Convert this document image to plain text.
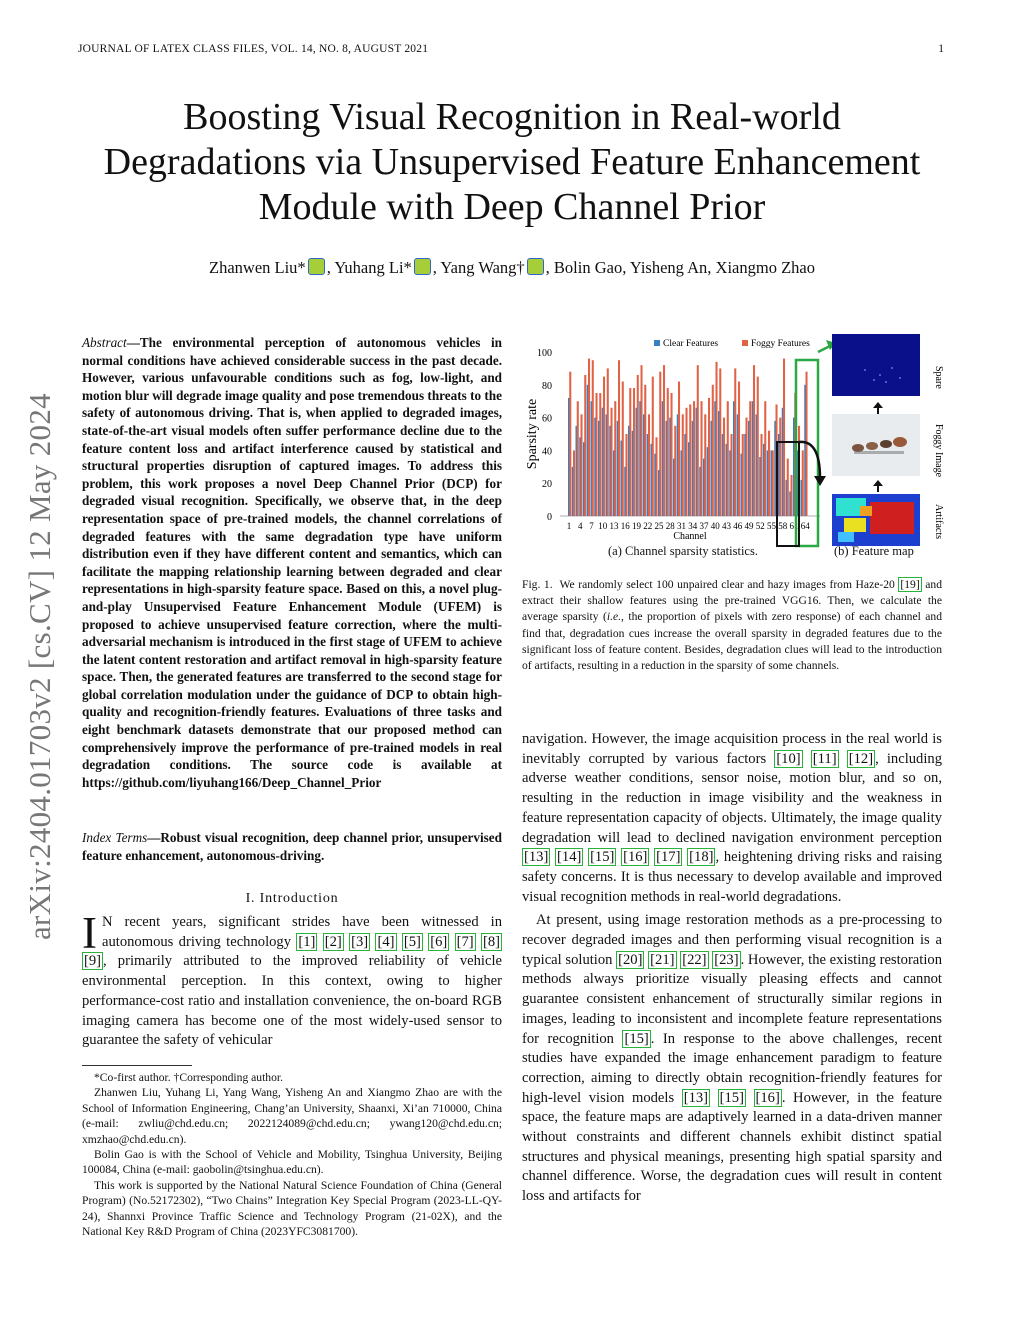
JOURNAL OF LATEX CLASS FILES, VOL. 14, NO. 8, AUGUST 2021	1
Boosting Visual Recognition in Real-world Degradations via Unsupervised Feature Enhancement Module with Deep Channel Prior
Zhanwen Liu* , Yuhang Li* , Yang Wang† , Bolin Gao, Yisheng An, Xiangmo Zhao
arXiv:2404.01703v2 [cs.CV] 12 May 2024
Abstract—The environmental perception of autonomous vehicles in normal conditions have achieved considerable success in the past decade. However, various unfavourable conditions such as fog, low-light, and motion blur will degrade image quality and pose tremendous threats to the safety of autonomous driving. That is, when applied to degraded images, state-of-the-art visual models often suffer performance decline due to the feature content loss and artifact interference caused by statistical and structural properties disruption of captured images. To address this problem, this work proposes a novel Deep Channel Prior (DCP) for degraded visual recognition. Specifically, we observe that, in the deep representation space of pre-trained models, the channel correlations of degraded features with the same degradation type have uniform distribution even if they have different content and semantics, which can facilitate the mapping relationship learning between degraded and clear representations in high-sparsity feature space. Based on this, a novel plug-and-play Unsupervised Feature Enhancement Module (UFEM) is proposed to achieve unsupervised feature correction, where the multi-adversarial mechanism is introduced in the first stage of UFEM to achieve the latent content restoration and artifact removal in high-sparsity feature space. Then, the generated features are transferred to the second stage for global correlation modulation under the guidance of DCP to obtain high-quality and recognition-friendly features. Evaluations of three tasks and eight benchmark datasets demonstrate that our proposed method can comprehensively improve the performance of pre-trained models in real degradation conditions. The source code is available at https://github.com/liyuhang166/Deep_Channel_Prior
Index Terms—Robust visual recognition, deep channel prior, unsupervised feature enhancement, autonomous-driving.
I. Introduction
I N recent years, significant strides have been witnessed in autonomous driving technology [1] [2] [3] [4] [5] [6] [7] [8] [9] , primarily attributed to the improved reliability of vehicle environmental perception. In this context, owing to higher performance-cost ratio and installation convenience, the on-board RGB imaging camera has become one of the most widely-used sensor to guarantee the safety of vehicular

*Co-first author. †Corresponding author.

Zhanwen Liu, Yuhang Li, Yang Wang, Yisheng An and Xiangmo Zhao are with the School of Information Engineering, Chang’an University, Shaanxi, Xi’an 710000, China (e-mail: zwliu@chd.edu.cn; 2022124089@chd.edu.cn; ywang120@chd.edu.cn; xmzhao@chd.edu.cn).

Bolin Gao is with the School of Vehicle and Mobility, Tsinghua University, Beijing 100084, China (e-mail: gaobolin@tsinghua.edu.cn).

This work is supported by the National Natural Science Foundation of China (General Program) (No.52172302), “Two Chains” Integration Key Special Program (2023-LL-QY-24), Shannxi Province Traffic Science and Technology Program (21-02X), and the National Key R&D Program of China (2023YFC3081700).

0
20
40
60
80
100
1 4 7 10 13 16 19 22 25 28 31 34 37 40 43 46 49 52 55 58 61 64
Channel
Sparsity rate
Clear Features	Foggy Features
Spare
Foggy Image
Artifacts
(a) Channel sparsity statistics.	(b) Feature map
Fig. 1. We randomly select 100 unpaired clear and hazy images from Haze-20 [19] and extract their shallow features using the pre-trained VGG16. Then, we calculate the average sparsity (i.e., the proportion of pixels with zero response) of each channel and find that, degradation cues increase the overall sparsity in degraded features due to the significant loss of feature content. Besides, degradation clues will lead to the introduction of artifacts, resulting in a reduction in the sparsity of some channels.

navigation. However, the image acquisition process in the real world is inevitably corrupted by various factors [10] [11] [12] , including adverse weather conditions, sensor noise, motion blur, and so on, resulting in the reduction in image visibility and the weakness in feature representation capacity of objects. Ultimately, the image quality degradation will lead to declined navigation environment perception [13] [14] [15] [16] [17] [18] , heightening driving risks and raising safety concerns. It is thus necessary to develop available and improved visual recognition methods in real-world degradations.

At present, using image restoration methods as a pre-processing to recover degraded images and then performing visual recognition is a typical solution [20] [21] [22] [23] . However, the existing restoration methods always prioritize visually pleasing effects and cannot guarantee consistent enhancement of structurally similar regions in images, leading to inconsistent and incomplete feature representations for recognition [15] . In response to the above challenges, recent studies have expanded the image enhancement paradigm to feature correction, aiming to directly obtain recognition-friendly features for high-level vision models [13] [15] [16] . However, in the feature space, the feature maps are adaptively learned in a data-driven manner without constraints and different channels exhibit distinct spatial structures and physical meanings, presenting high spatial sparsity and channel difference. Worse, the degradation cues will result in content loss and artifacts for
